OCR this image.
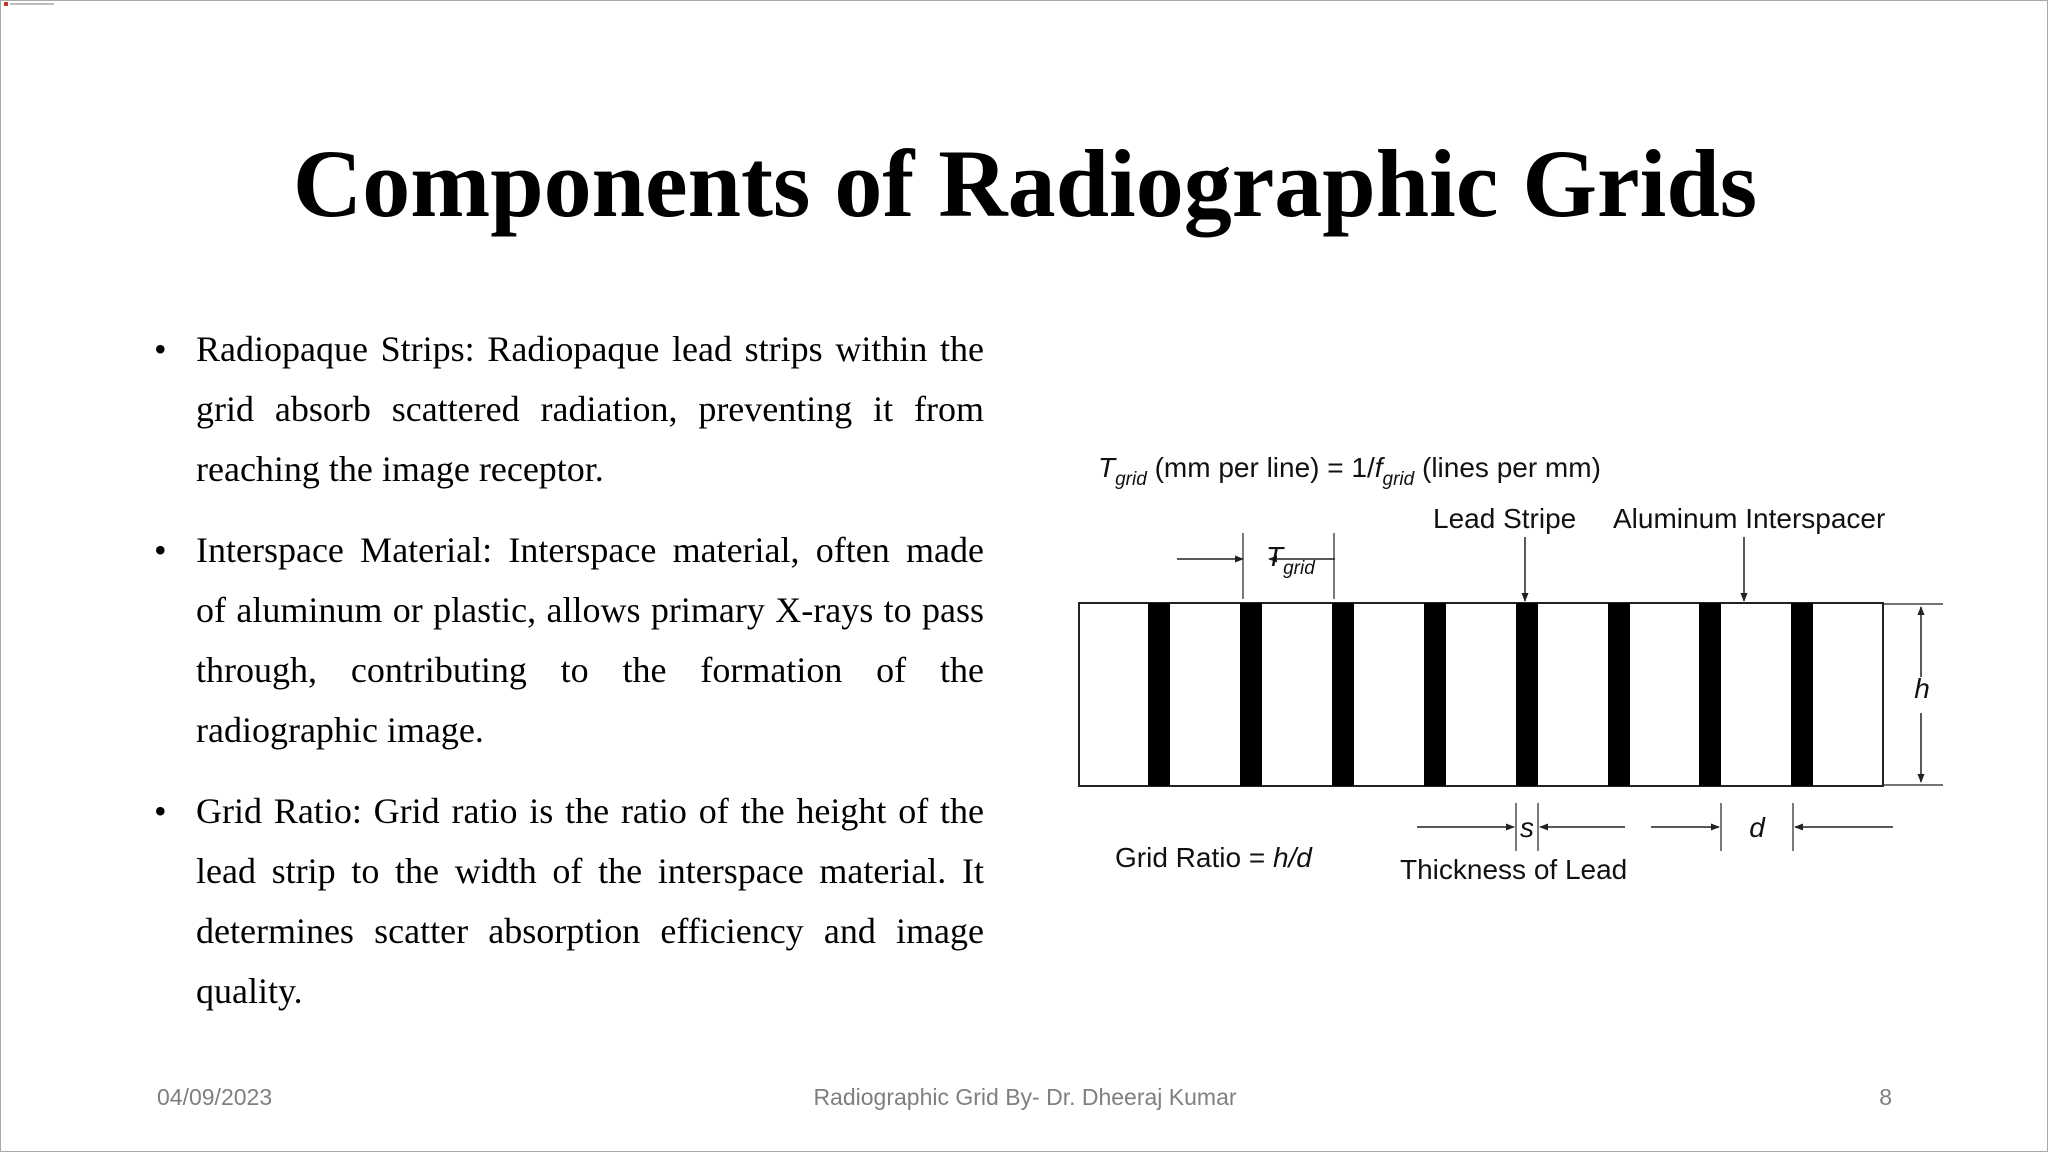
Components of Radiographic Grids
• Radiopaque Strips: Radiopaque lead strips within the grid absorb scattered radiation, preventing it from reaching the image receptor.
• Interspace Material: Interspace material, often made of aluminum or plastic, allows primary X-rays to pass through, contributing to the formation of the radiographic image.
• Grid Ratio: Grid ratio is the ratio of the height of the lead strip to the width of the interspace material. It determines scatter absorption efficiency and image quality.
$T_{grid}$ (mm per line) = $1/f_{grid}$ (lines per mm)
$T_{grid}$
Lead Stripe Aluminum Interspacer
h
s	d
Grid Ratio = h/d	Thickness of Lead
04/09/2023	Radiographic Grid By- Dr. Dheeraj Kumar	8
